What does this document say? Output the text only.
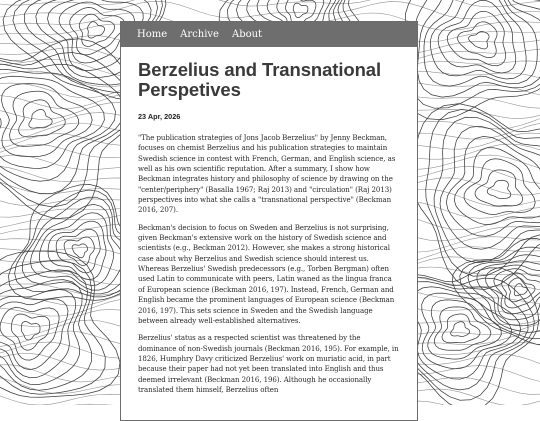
Home Archive About
Berzelius and Transnational Perspetives
23 Apr, 2026

"The publication strategies of Jons Jacob Berzelius" by Jenny Beckman, focuses on chemist Berzelius and his publication strategies to maintain Swedish science in contest with French, German, and English science, as well as his own scientific reputation. After a summary, I show how Beckman integrates history and philosophy of science by drawing on the "center/periphery" (Basalla 1967; Raj 2013) and "circulation" (Raj 2013) perspectives into what she calls a "transnational perspective" (Beckman 2016, 207).

Beckman's decision to focus on Sweden and Berzelius is not surprising, given Beckman's extensive work on the history of Swedish science and scientists (e.g., Beckman 2012). However, she makes a strong historical case about why Berzelius and Swedish science should interest us. Whereas Berzelius' Swedish predecessors (e.g., Torben Bergman) often used Latin to communicate with peers, Latin waned as the lingua franca of European science (Beckman 2016, 197). Instead, French, German and English became the prominent languages of European science (Beckman 2016, 197). This sets science in Sweden and the Swedish language between already well-established alternatives.

Berzelius' status as a respected scientist was threatened by the dominance of non-Swedish journals (Beckman 2016, 195). For example, in 1826, Humphry Davy criticized Berzelius' work on muriatic acid, in part because their paper had not yet been translated into English and thus deemed irrelevant (Beckman 2016, 196). Although he occasionally translated them himself, Berzelius often
